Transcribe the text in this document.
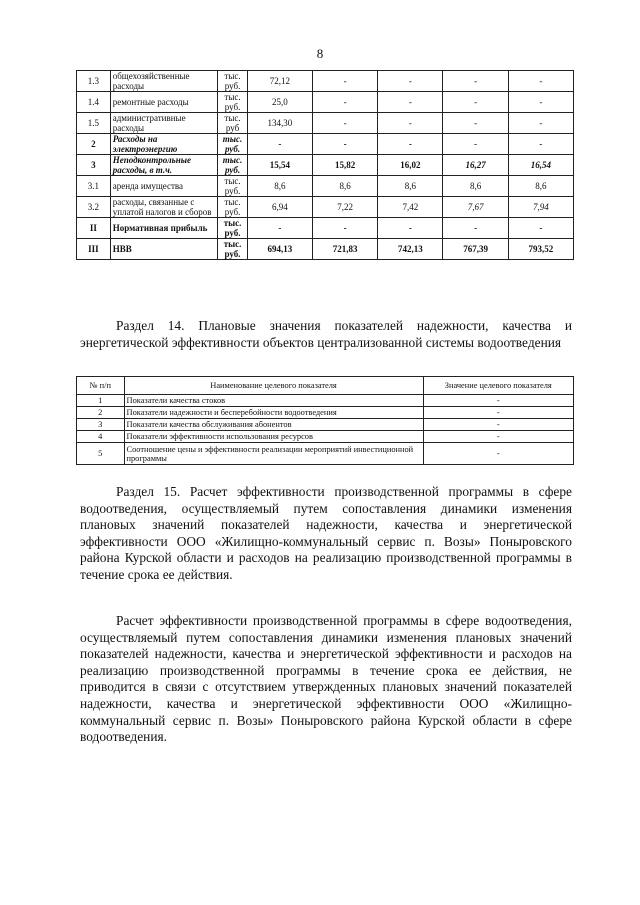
8
1.3	общехозяйственные расходы	тыс. руб.	72,12	-	-	-	-
1.4	ремонтные расходы	тыс. руб.	25,0	-	-	-	-
1.5	административные расходы	тыс. руб	134,30	-	-	-	-
2	Расходы на электроэнергию	тыс. руб.	-	-	-	-	-
3	Неподконтрольные расходы, в т.ч.	тыс. руб.	15,54	15,82	16,02	16,27	16,54
3.1	аренда имущества	тыс. руб.	8,6	8,6	8,6	8,6	8,6
3.2	расходы, связанные с уплатой налогов и сборов	тыс. руб.	6,94	7,22	7,42	7,67	7,94
II	Нормативная прибыль	тыс. руб.	-	-	-	-	-
III	НВВ	тыс. руб.	694,13	721,83	742,13	767,39	793,52

Раздел 14. Плановые значения показателей надежности, качества и энергетической эффективности объектов централизованной системы водоотведения

№ п/п	Наименование целевого показателя	Значение целевого показателя
1	Показатели качества стоков	-
2	Показатели надежности и бесперебойности водоотведения	-
3	Показатели качества обслуживания абонентов	-
4	Показатели эффективности использования ресурсов	-
5	Соотношение цены и эффективности реализации мероприятий инвестиционной программы	-

Раздел 15. Расчет эффективности производственной программы в сфере водоотведения, осуществляемый путем сопоставления динамики изменения плановых значений показателей надежности, качества и энергетической эффективности ООО «Жилищно-коммунальный сервис п. Возы» Поныровского района Курской области и расходов на реализацию производственной программы в течение срока ее действия.

Расчет эффективности производственной программы в сфере водоотведения, осуществляемый путем сопоставления динамики изменения плановых значений показателей надежности, качества и энергетической эффективности и расходов на реализацию производственной программы в течение срока ее действия, не приводится в связи с отсутствием утвержденных плановых значений показателей надежности, качества и энергетической эффективности ООО «Жилищно-коммунальный сервис п. Возы» Поныровского района Курской области в сфере водоотведения.
